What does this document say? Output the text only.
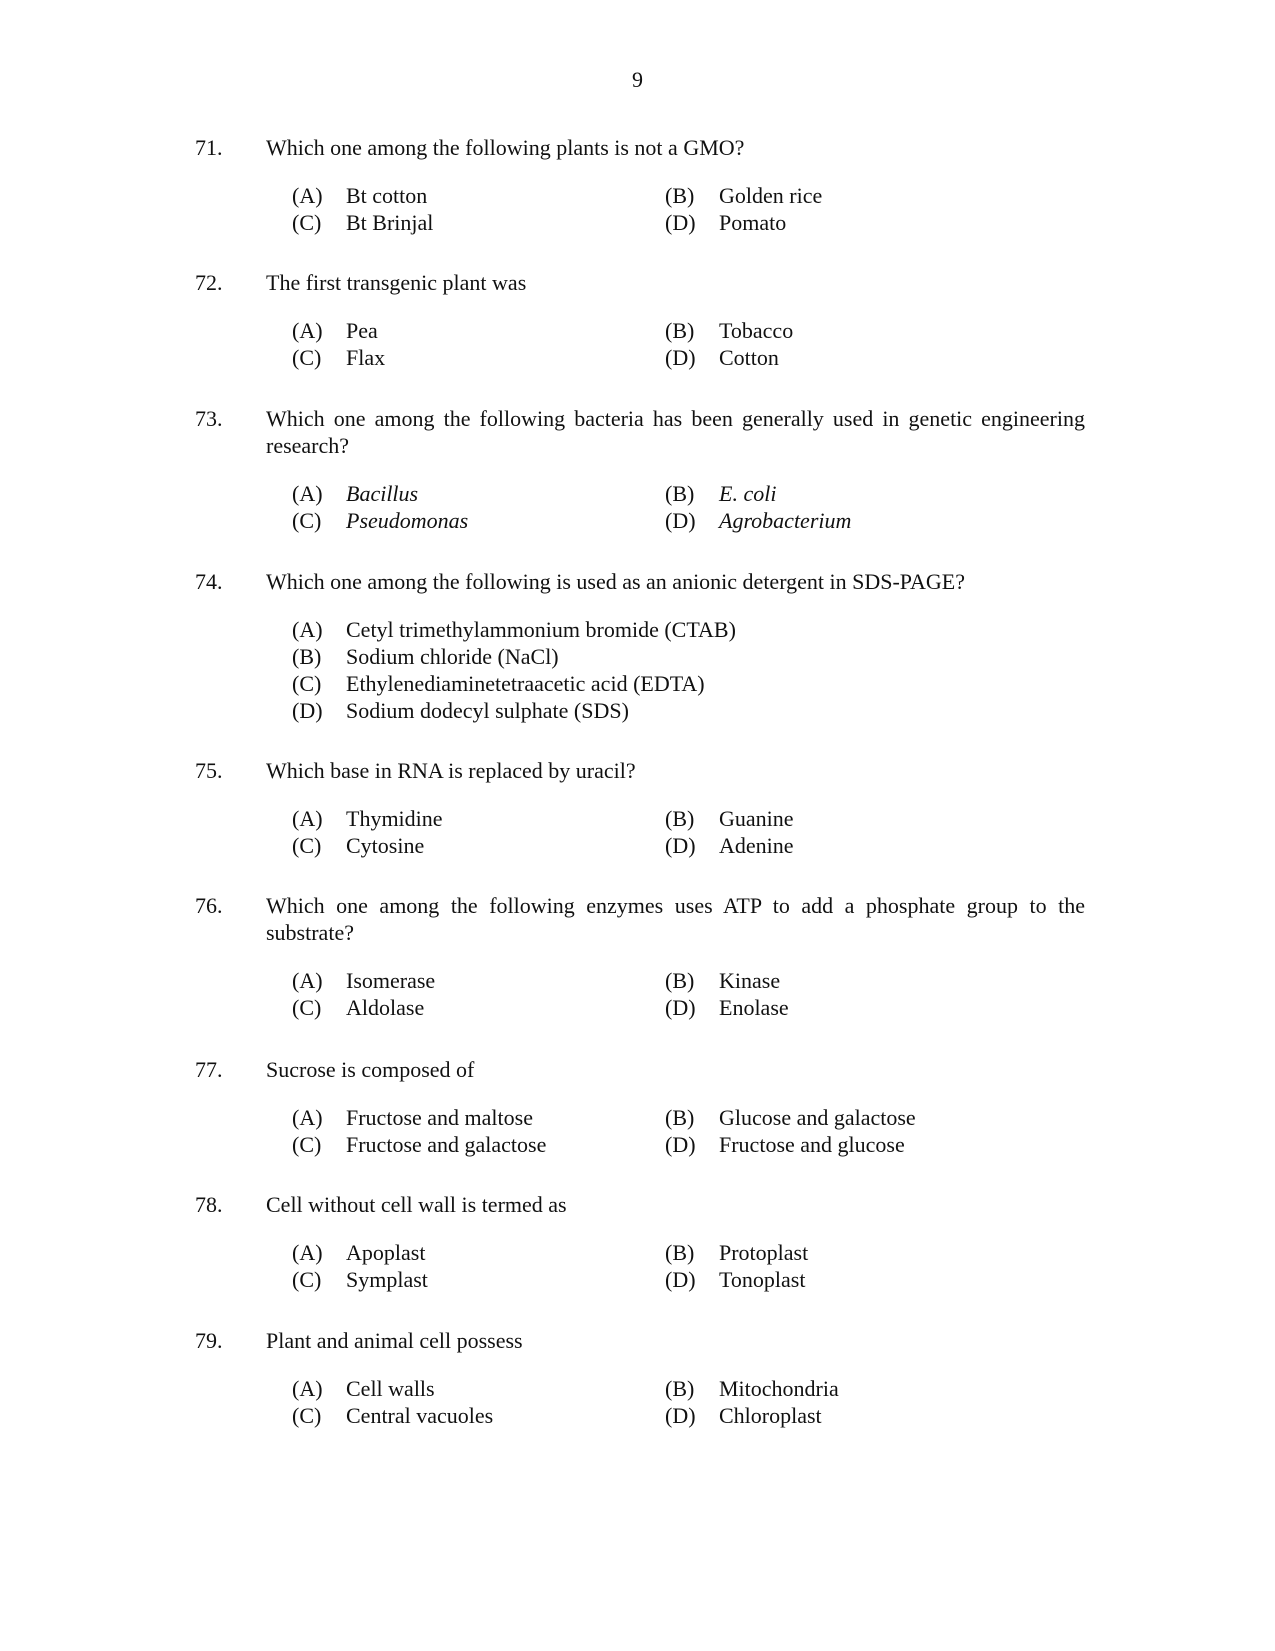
9
71. Which one among the following plants is not a GMO?
(A) Bt cotton	(B) Golden rice
(C) Bt Brinjal	(D) Pomato
72. The first transgenic plant was
(A) Pea	(B) Tobacco
(C) Flax	(D) Cotton
73. Which one among the following bacteria has been generally used in genetic engineering research?
(A) Bacillus	(B) E. coli
(C) Pseudomonas	(D) Agrobacterium
74. Which one among the following is used as an anionic detergent in SDS-PAGE?
(A) Cetyl trimethylammonium bromide (CTAB)
(B) Sodium chloride (NaCl)
(C) Ethylenediaminetetraacetic acid (EDTA)
(D) Sodium dodecyl sulphate (SDS)
75. Which base in RNA is replaced by uracil?
(A) Thymidine	(B) Guanine
(C) Cytosine	(D) Adenine
76. Which one among the following enzymes uses ATP to add a phosphate group to the substrate?
(A) Isomerase	(B) Kinase
(C) Aldolase	(D) Enolase
77. Sucrose is composed of
(A) Fructose and maltose	(B) Glucose and galactose
(C) Fructose and galactose	(D) Fructose and glucose
78. Cell without cell wall is termed as
(A) Apoplast	(B) Protoplast
(C) Symplast	(D) Tonoplast
79. Plant and animal cell possess
(A) Cell walls	(B) Mitochondria
(C) Central vacuoles	(D) Chloroplast
